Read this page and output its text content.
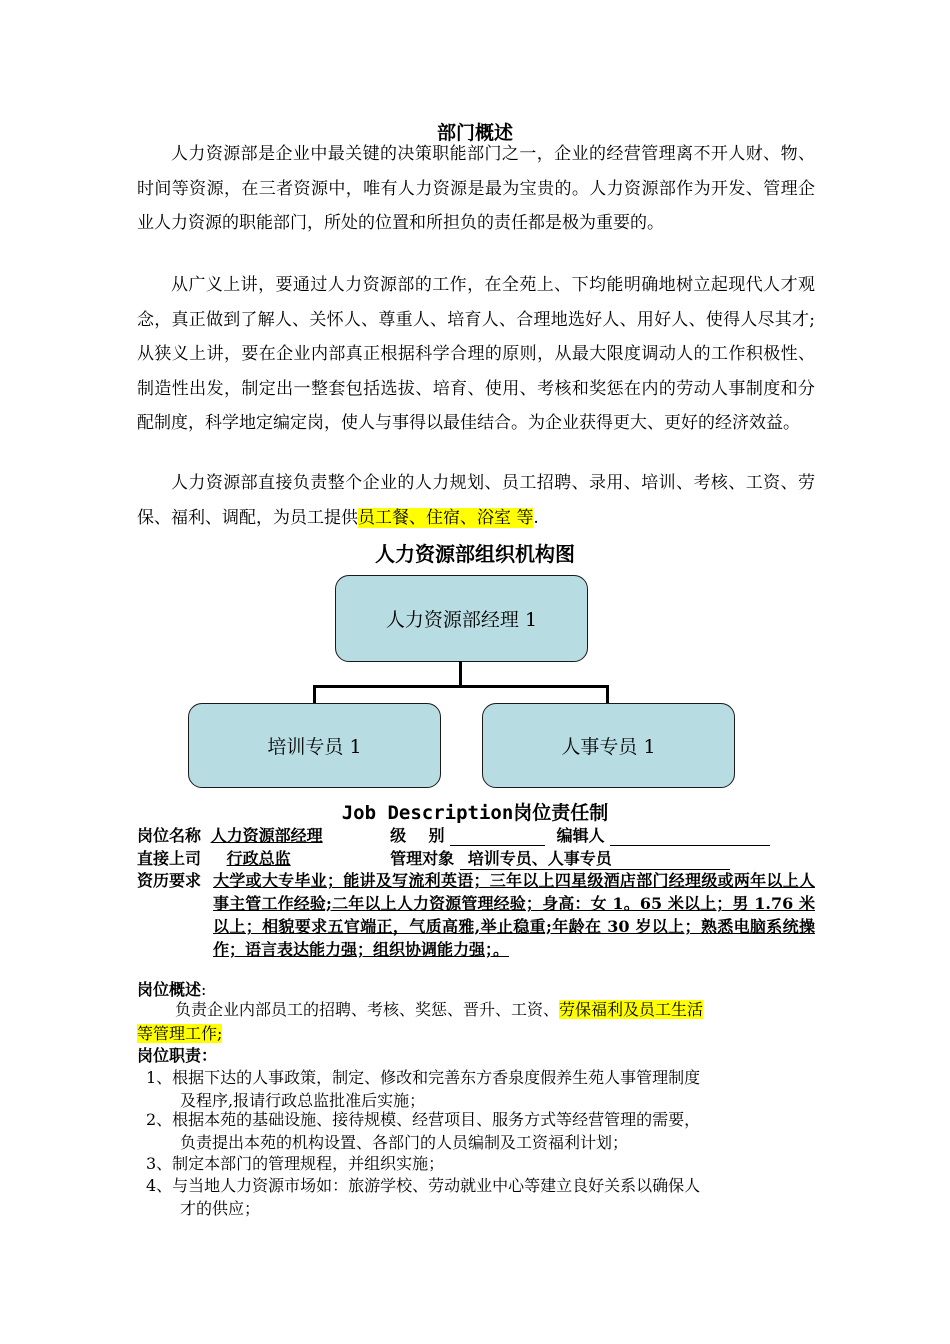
部门概述

人力资源部是企业中最关键的决策职能部门之一，企业的经营管理离不开人财、物、时间等资源，在三者资源中，唯有人力资源是最为宝贵的。人力资源部作为开发、管理企业人力资源的职能部门，所处的位置和所担负的责任都是极为重要的。

从广义上讲，要通过人力资源部的工作，在全苑上、下均能明确地树立起现代人才观念，真正做到了解人、关怀人、尊重人、培育人、合理地选好人、用好人、使得人尽其才;从狭义上讲，要在企业内部真正根据科学合理的原则，从最大限度调动人的工作积极性、制造性出发，制定出一整套包括选拔、培育、使用、考核和奖惩在内的劳动人事制度和分配制度，科学地定编定岗，使人与事得以最佳结合。为企业获得更大、更好的经济效益。

人力资源部直接负责整个企业的人力规划、员工招聘、录用、培训、考核、工资、劳保、福利、调配，为员工提供员工餐、住宿、浴室 等.

人力资源部组织机构图
人力资源部经理 1
培训专员 1	人事专员 1
Job Description岗位责任制
岗位名称 人力资源部经理	级    别	编辑人
直接上司 行政总监	管理对象 培训专员、人事专员
资历要求 大学或大专毕业；能讲及写流利英语；三年以上四星级酒店部门经理级或两年以上人事主管工作经验;二年以上人力资源管理经验；身高：女 1。65 米以上；男 1.76 米以上；相貌要求五官端正，气质高雅,举止稳重;年龄在 30 岁以上；熟悉电脑系统操作；语言表达能力强；组织协调能力强；。
岗位概述:
负责企业内部员工的招聘、考核、奖惩、晋升、工资、劳保福利及员工生活
等管理工作;
岗位职责：
1、根据下达的人事政策，制定、修改和完善东方香泉度假养生苑人事管理制度
及程序,报请行政总监批准后实施；
2、根据本苑的基础设施、接待规模、经营项目、服务方式等经营管理的需要，
负责提出本苑的机构设置、各部门的人员编制及工资福利计划；
3、制定本部门的管理规程，并组织实施；
4、与当地人力资源市场如：旅游学校、劳动就业中心等建立良好关系以确保人
才的供应；
